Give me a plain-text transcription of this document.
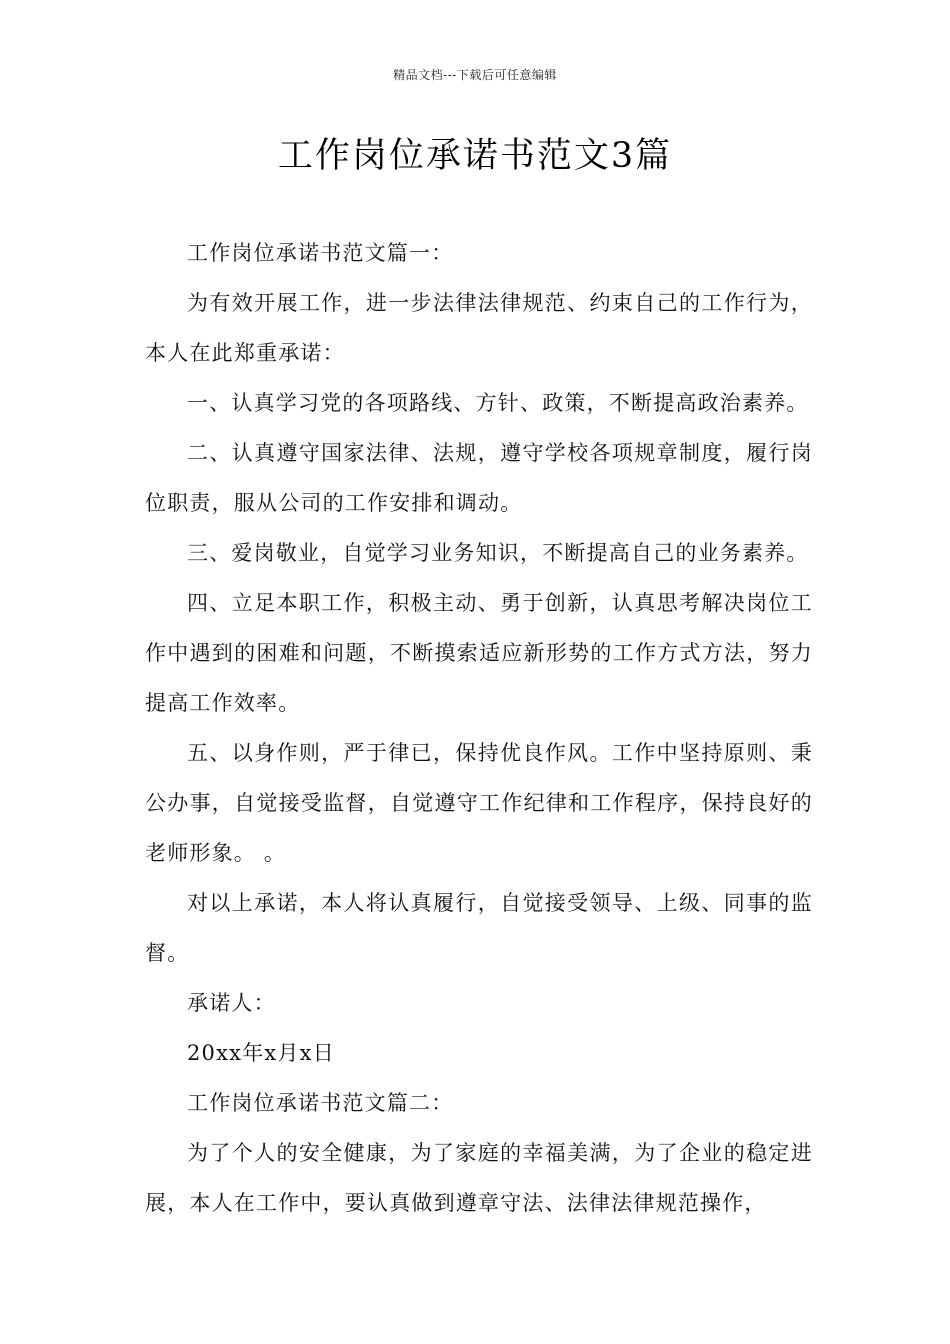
精品文档---下载后可任意编辑
工作岗位承诺书范文3篇

工作岗位承诺书范文篇一：

为有效开展工作，进一步法律法律规范、约束自己的工作行为，本人在此郑重承诺：

一、认真学习党的各项路线、方针、政策，不断提高政治素养。

二、认真遵守国家法律、法规，遵守学校各项规章制度，履行岗位职责，服从公司的工作安排和调动。

三、爱岗敬业，自觉学习业务知识，不断提高自己的业务素养。

四、立足本职工作，积极主动、勇于创新，认真思考解决岗位工作中遇到的困难和问题，不断摸索适应新形势的工作方式方法，努力提高工作效率。

五、以身作则，严于律已，保持优良作风。工作中坚持原则、秉公办事，自觉接受监督，自觉遵守工作纪律和工作程序，保持良好的老师形象。 。

对以上承诺，本人将认真履行，自觉接受领导、上级、同事的监督。

承诺人：

20xx年x月x日

工作岗位承诺书范文篇二：

为了个人的安全健康，为了家庭的幸福美满，为了企业的稳定进展，本人在工作中，要认真做到遵章守法、法律法律规范操作，
